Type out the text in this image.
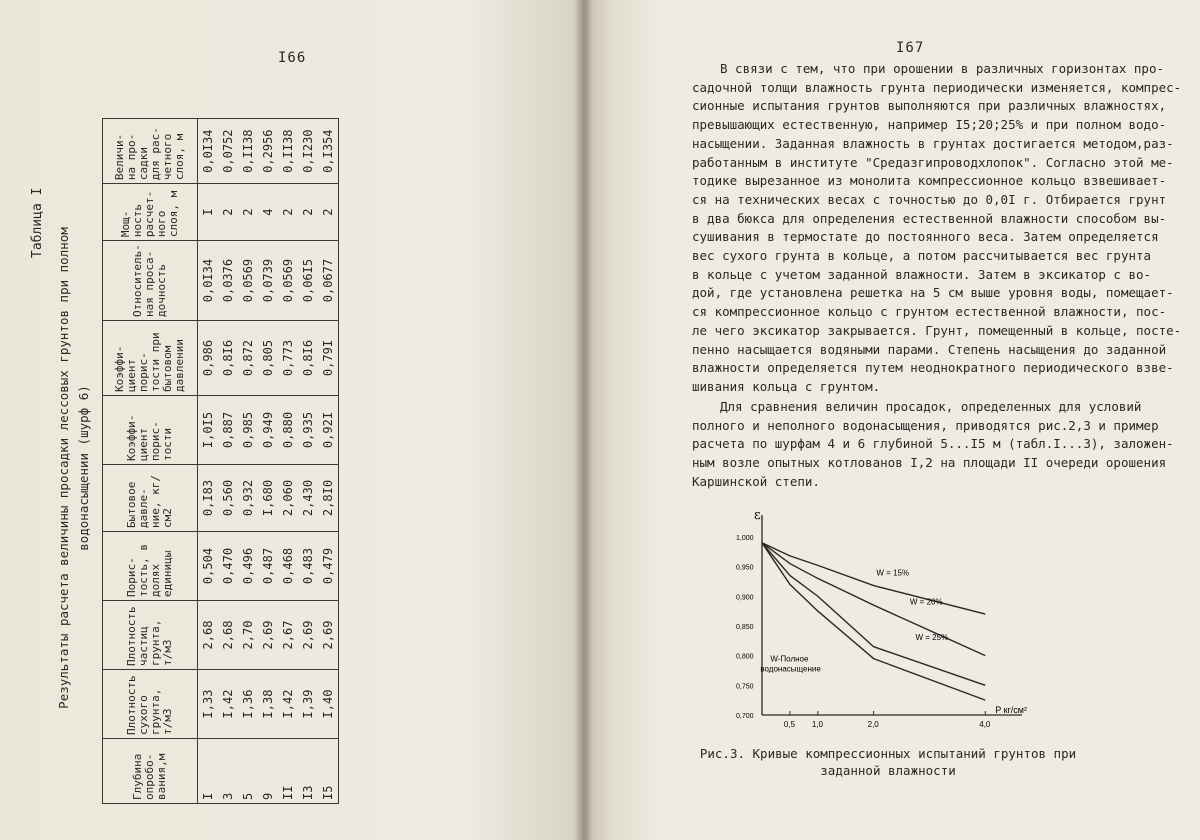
I66
Таблица I
Результаты расчета величины просадки лессовых грунтов при полном водонасыщении (шурф 6)
Глубина опробо- вания,м	Плотность сухого грунта, т/м3	Плотность частиц грунта, т/м3	Порис- тость, в долях единицы	Бытовое давле- ние, кг/см2	Коэффи- циент порис- тости	Коэффи- циент порис- тости при бытовом давлении	Относитель- ная проса- дочность	Мощ- ность расчет- ного слоя, м	Величи- на про- садки для рас- четного слоя, м
I	I,33	2,68	0,504	0,I83	I,0I5	0,986	0,0I34	I	0,0I34
3	I,42	2,68	0,470	0,560	0,887	0,8I6	0,0376	2	0,0752
5	I,36	2,70	0,496	0,932	0,985	0,872	0,0569	2	0,II38
9	I,38	2,69	0,487	I,680	0,949	0,805	0,0739	4	0,2956
II	I,42	2,67	0,468	2,060	0,880	0,773	0,0569	2	0,II38
I3	I,39	2,69	0,483	2,430	0,935	0,8I6	0,06I5	2	0,I230
I5	I,40	2,69	0,479	2,8I0	0,92I	0,79I	0,0677	2	0,I354
I67
В связи с тем, что при орошении в различных горизонтах про-
садочной толщи влажность грунта периодически изменяется, компрес-
сионные испытания грунтов выполняются при различных влажностях,
превышающих естественную, например I5;20;25% и при полном водо-
насыщении. Заданная влажность в грунтах достигается методом,раз-
работанным в институте "Средазгипроводхлопок". Согласно этой ме-
тодике вырезанное из монолита компрессионное кольцо взвешивает-
ся на технических весах с точностью до 0,0I г. Отбирается грунт
в два бюкса для определения естественной влажности способом вы-
сушивания в термостате до постоянного веса. Затем определяется
вес сухого грунта в кольце, а потом рассчитывается вес грунта
в кольце с учетом заданной влажности. Затем в эксикатор с во-
дой, где установлена решетка на 5 см выше уровня воды, помещает-
ся компрессионное кольцо с грунтом естественной влажности, пос-
ле чего эксикатор закрывается. Грунт, помещенный в кольце, посте-
пенно насыщается водяными парами. Степень насыщения до заданной
влажности определяется путем неоднократного периодического взве-
шивания кольца с грунтом.
Для сравнения величин просадок, определенных для условий
полного и неполного водонасыщения, приводятся рис.2,3 и пример
расчета по шурфам 4 и 6 глубиной 5...I5 м (табл.I...3), заложен-
ным возле опытных котлованов I,2 на площади II очереди орошения
Каршинской степи.
ε
P кг/см²
1,000
0,950
0,900
0,850
0,800
0,750
0,700
0,5 1,0	2,0	4,0
W = 15%
W = 20%
W = 25%
W-Полное
водонасыщение
Рис.3. Кривые компрессионных испытаний грунтов при
заданной влажности
